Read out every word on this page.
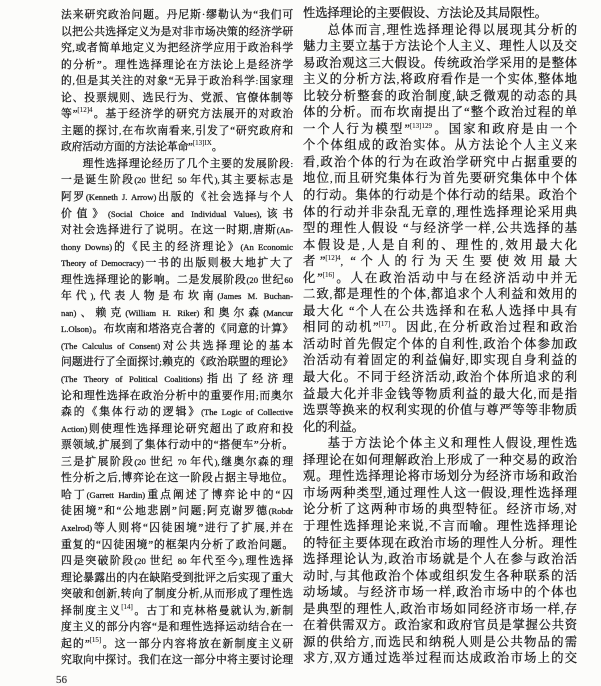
法来研究政治问题。丹尼斯·缪勒认为“我们可
以把公共选择定义为是对非市场决策的经济学研
究,或者简单地定义为把经济学应用于政治科学
的分析”。理性选择理论在方法论上是经济学
的,但是其关注的对象“无异于政治科学:国家理
论、投票规则、选民行为、党派、官僚体制等
等”$^{[12]4}$。基于经济学的研究方法展开的对政治
主题的探讨,在布坎南看来,引发了“研究政府和
政府活动方面的方法论革命”$^{[13]IX}$。
理性选择理论经历了几个主要的发展阶段:
一是诞生阶段(20 世纪 50 年代),其主要标志是
阿罗(Kenneth J. Arrow)出版的《社会选择与个人
价值》(Social Choice and Individual Values),该书
对社会选择进行了说明。在这一时期,唐斯(An-
thony Downs)的《民主的经济理论》(An Economic
Theory of Democracy)一书的出版则极大地扩大了
理性选择理论的影响。二是发展阶段(20 世纪60
年代),代表人物是布坎南(James M. Buchan-
nan)、赖克(William H. Riker)和奥尔森(Mancur
L.Olson)。布坎南和塔洛克合著的《同意的计算》
(The Calculus of Consent)对公共选择理论的基本
问题进行了全面探讨;赖克的《政治联盟的理论》
(The Theory of Political Coalitions)指出了经济理
论和理性选择在政治分析中的重要作用;而奥尔
森的《集体行动的逻辑》(The Logic of Collective
Action)则使理性选择理论研究超出了政府和投
票领域,扩展到了集体行动中的“搭便车”分析。
三是扩展阶段(20 世纪 70 年代),继奥尔森的理
性分析之后,博弈论在这一阶段占据主导地位。
哈丁(Garrett Hardin)重点阐述了博弈论中的“囚
徒困境”和“公地悲剧”问题;阿克谢罗德(Robdr
Axelrod)等人则将“囚徒困境”进行了扩展,并在
重复的“囚徒困境”的框架内分析了政治问题。
四是突破阶段(20 世纪 80 年代至今),理性选择
理论暴露出的内在缺陷受到批评之后实现了重大
突破和创新,转向了制度分析,从而形成了理性选
择制度主义[14]。古丁和克林格曼就认为,新制
度主义的部分内容“是和理性选择运动结合在一
起的”[15]。这一部分内容将放在新制度主义研
究取向中探讨。我们在这一部分中将主要讨论理
性选择理论的主要假设、方法论及其局限性。
总体而言,理性选择理论得以展现其分析的
魅力主要立基于方法论个人主义、理性人以及交
易政治观这三大假设。传统政治学采用的是整体
主义的分析方法,将政府看作是一个实体,整体地
比较分析整套的政治制度,缺乏微观的动态的具
体的分析。而布坎南提出了“整个政治过程的单
一个人行为模型”$^{[13]129}$。国家和政府是由一个
个个体组成的政治实体。从方法论个人主义来
看,政治个体的行为在政治学研究中占据重要的
地位,而且研究集体行为首先要研究集体中个体
的行动。集体的行动是个体行动的结果。政治个
体的行动并非杂乱无章的,理性选择理论采用典
型的理性人假设 “与经济学一样,公共选择的基
本假设是,人是自利的、理性的,效用最大化
者”$^{[12]4}$, “个人的行为天生要使效用最大
化”[16]。人在政治活动中与在经济活动中并无
二致,都是理性的个体,都追求个人利益和效用的
最大化 “个人在公共选择和在私人选择中具有
相同的动机”[17]。因此,在分析政治过程和政治
活动时首先假定个体的自利性,政治个体参加政
治活动有着固定的利益偏好,即实现自身利益的
最大化。不同于经济活动,政治个体所追求的利
益最大化并非金钱等物质利益的最大化,而是指
选票等换来的权利实现的价值与尊严等等非物质
化的利益。
基于方法论个体主义和理性人假设,理性选
择理论在如何理解政治上形成了一种交易的政治
观。理性选择理论将市场划分为经济市场和政治
市场两种类型,通过理性人这一假设,理性选择理
论分析了这两种市场的典型特征。经济市场,对
于理性选择理论来说,不言而喻。理性选择理论
的特征主要体现在政治市场的理性人分析。理性
选择理论认为,政治市场就是个人在参与政治活
动时,与其他政治个体或组织发生各种联系的活
动场域。与经济市场一样,政治市场中的个体也
是典型的理性人,政治市场如同经济市场一样,存
在着供需双方。政治家和政府官员是掌握公共资
源的供给方,而选民和纳税人则是公共物品的需
求方,双方通过选举过程而达成政治市场上的交
56
